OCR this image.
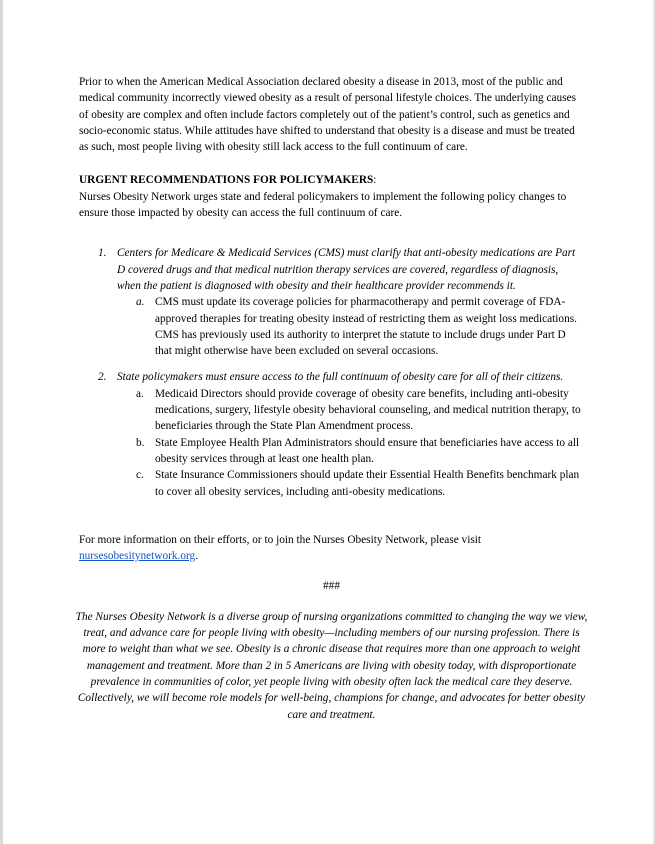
Prior to when the American Medical Association declared obesity a disease in 2013, most of the public and medical community incorrectly viewed obesity as a result of personal lifestyle choices. The underlying causes of obesity are complex and often include factors completely out of the patient’s control, such as genetics and socio-economic status. While attitudes have shifted to understand that obesity is a disease and must be treated as such, most people living with obesity still lack access to the full continuum of care.

URGENT RECOMMENDATIONS FOR POLICYMAKERS:

Nurses Obesity Network urges state and federal policymakers to implement the following policy changes to ensure those impacted by obesity can access the full continuum of care.

1. Centers for Medicare & Medicaid Services (CMS) must clarify that anti-obesity medications are Part D covered drugs and that medical nutrition therapy services are covered, regardless of diagnosis, when the patient is diagnosed with obesity and their healthcare provider recommends it.

a. CMS must update its coverage policies for pharmacotherapy and permit coverage of FDA-approved therapies for treating obesity instead of restricting them as weight loss medications. CMS has previously used its authority to interpret the statute to include drugs under Part D that might otherwise have been excluded on several occasions.

2. State policymakers must ensure access to the full continuum of obesity care for all of their citizens.

a. Medicaid Directors should provide coverage of obesity care benefits, including anti-obesity medications, surgery, lifestyle obesity behavioral counseling, and medical nutrition therapy, to beneficiaries through the State Plan Amendment process.

b. State Employee Health Plan Administrators should ensure that beneficiaries have access to all obesity services through at least one health plan.

c. State Insurance Commissioners should update their Essential Health Benefits benchmark plan to cover all obesity services, including anti-obesity medications.

For more information on their efforts, or to join the Nurses Obesity Network, please visit nursesobesitynetwork.org.

###

The Nurses Obesity Network is a diverse group of nursing organizations committed to changing the way we view, treat, and advance care for people living with obesity—including members of our nursing profession. There is more to weight than what we see. Obesity is a chronic disease that requires more than one approach to weight management and treatment. More than 2 in 5 Americans are living with obesity today, with disproportionate prevalence in communities of color, yet people living with obesity often lack the medical care they deserve. Collectively, we will become role models for well-being, champions for change, and advocates for better obesity care and treatment.
